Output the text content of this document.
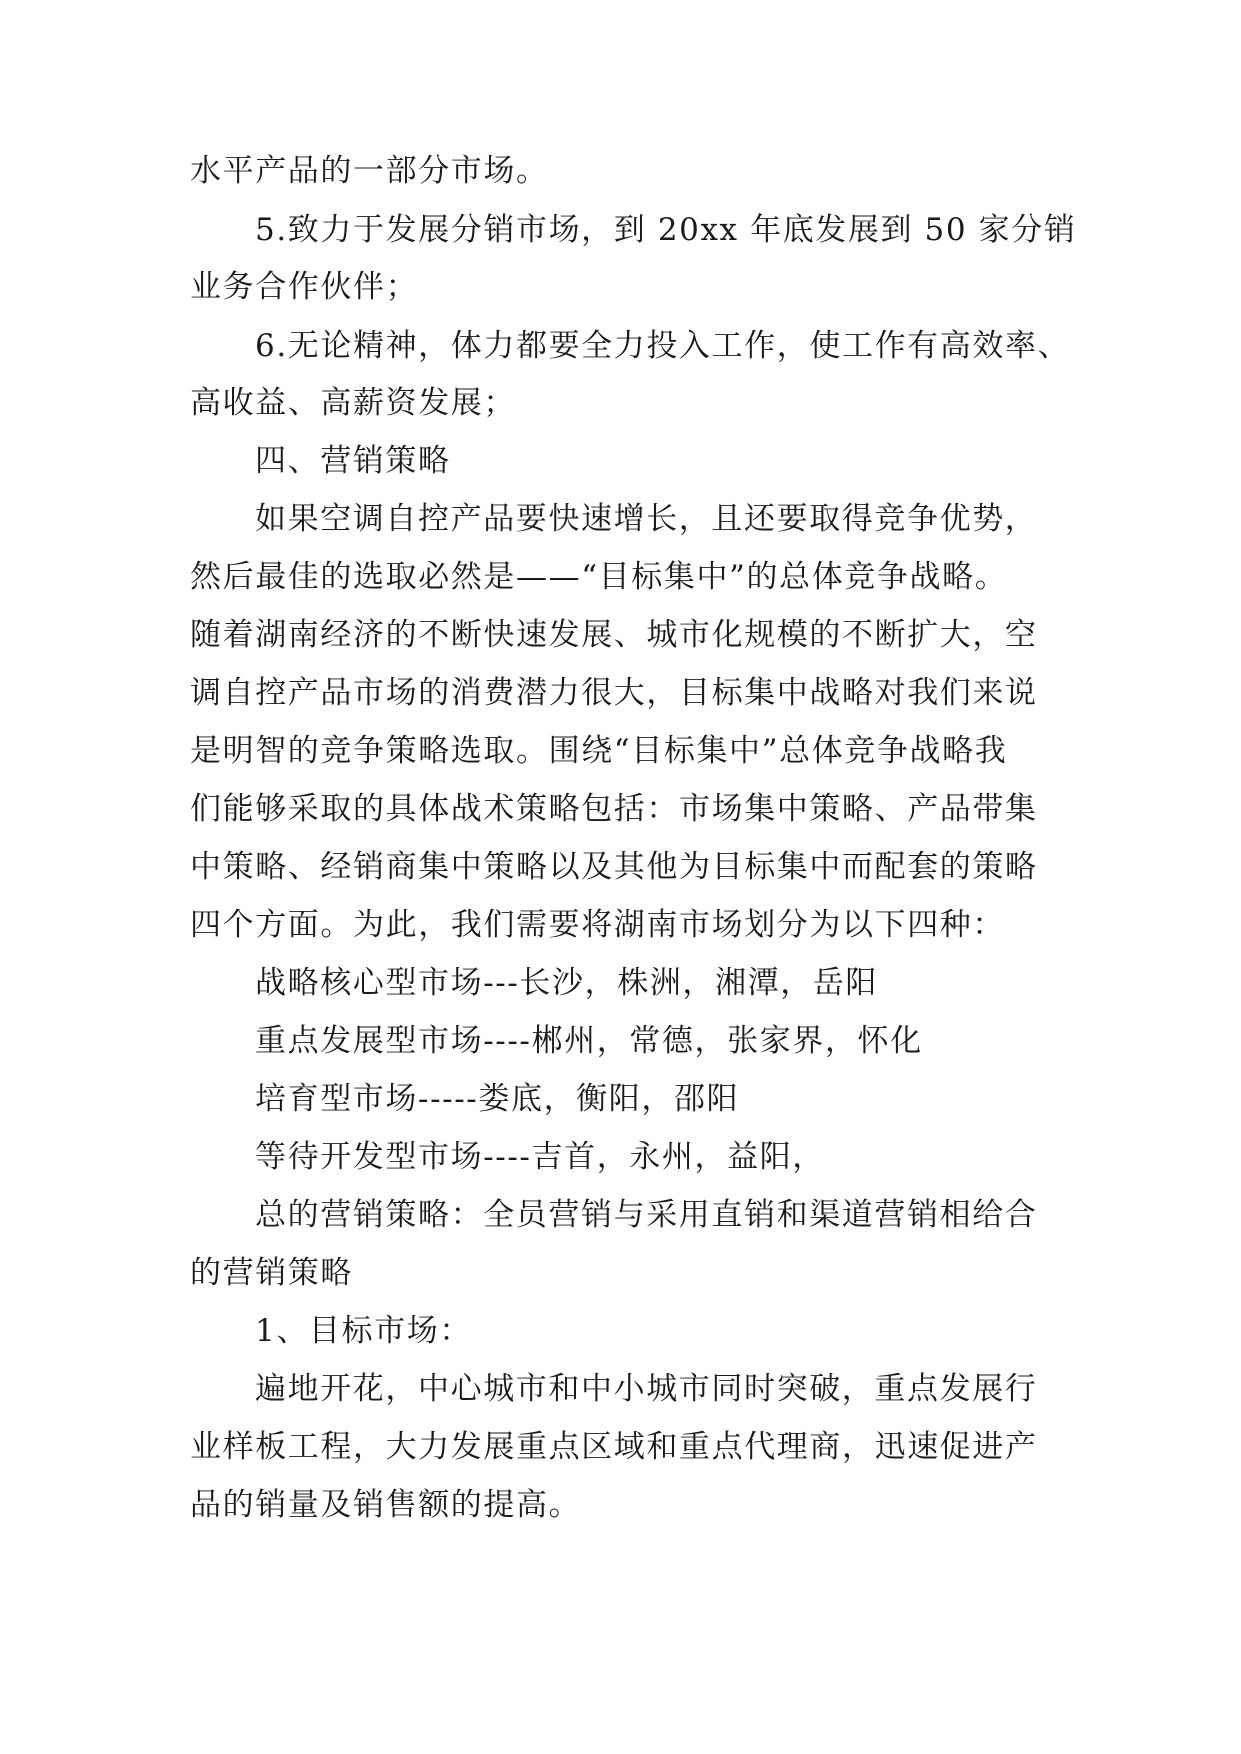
水平产品的一部分市场。
5.致力于发展分销市场，到 20xx 年底发展到 50 家分销
业务合作伙伴；
6.无论精神，体力都要全力投入工作，使工作有高效率、
高收益、高薪资发展；
四、营销策略
如果空调自控产品要快速增长，且还要取得竞争优势，
然后最佳的选取必然是——“目标集中”的总体竞争战略。
随着湖南经济的不断快速发展、城市化规模的不断扩大，空
调自控产品市场的消费潜力很大，目标集中战略对我们来说
是明智的竞争策略选取。围绕“目标集中”总体竞争战略我
们能够采取的具体战术策略包括：市场集中策略、产品带集
中策略、经销商集中策略以及其他为目标集中而配套的策略
四个方面。为此，我们需要将湖南市场划分为以下四种：
战略核心型市场---长沙，株洲，湘潭，岳阳
重点发展型市场----郴州，常德，张家界，怀化
培育型市场-----娄底，衡阳，邵阳
等待开发型市场----吉首，永州，益阳，
总的营销策略：全员营销与采用直销和渠道营销相给合
的营销策略
1、目标市场：
遍地开花，中心城市和中小城市同时突破，重点发展行
业样板工程，大力发展重点区域和重点代理商，迅速促进产
品的销量及销售额的提高。
